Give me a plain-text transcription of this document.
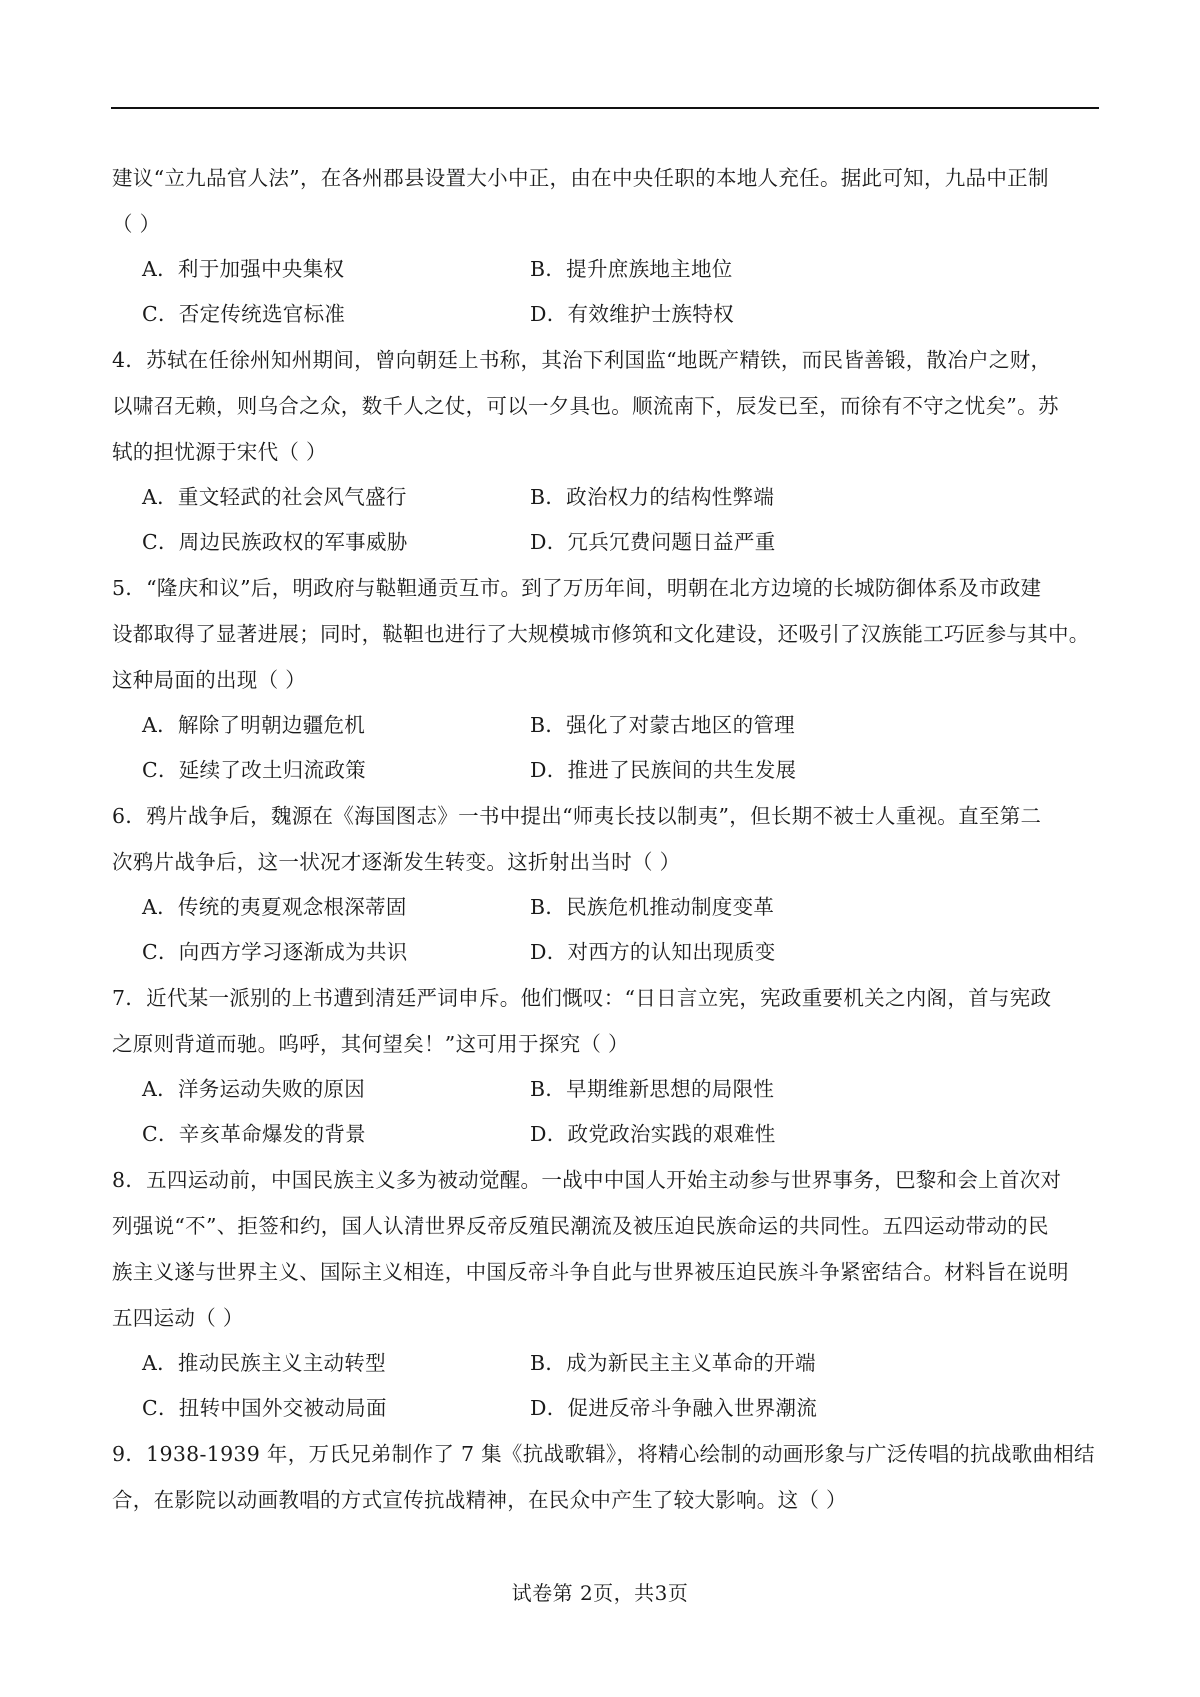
建议“立九品官人法”，在各州郡县设置大小中正，由在中央任职的本地人充任。据此可知，九品中正制
（ ）
A．利于加强中央集权	B．提升庶族地主地位
C．否定传统选官标准	D．有效维护士族特权
4．苏轼在任徐州知州期间，曾向朝廷上书称，其治下利国监“地既产精铁，而民皆善锻，散冶户之财，
以啸召无赖，则乌合之众，数千人之仗，可以一夕具也。顺流南下，辰发已至，而徐有不守之忧矣”。苏
轼的担忧源于宋代（ ）
A．重文轻武的社会风气盛行	B．政治权力的结构性弊端
C．周边民族政权的军事威胁	D．冗兵冗费问题日益严重
5．“隆庆和议”后，明政府与鞑靼通贡互市。到了万历年间，明朝在北方边境的长城防御体系及市政建
设都取得了显著进展；同时，鞑靼也进行了大规模城市修筑和文化建设，还吸引了汉族能工巧匠参与其中。
这种局面的出现（ ）
A．解除了明朝边疆危机	B．强化了对蒙古地区的管理
C．延续了改土归流政策	D．推进了民族间的共生发展
6．鸦片战争后，魏源在《海国图志》一书中提出“师夷长技以制夷”，但长期不被士人重视。直至第二
次鸦片战争后，这一状况才逐渐发生转变。这折射出当时（ ）
A．传统的夷夏观念根深蒂固	B．民族危机推动制度变革
C．向西方学习逐渐成为共识	D．对西方的认知出现质变
7．近代某一派别的上书遭到清廷严词申斥。他们慨叹：“日日言立宪，宪政重要机关之内阁，首与宪政
之原则背道而驰。呜呼，其何望矣！”这可用于探究（ ）
A．洋务运动失败的原因	B．早期维新思想的局限性
C．辛亥革命爆发的背景	D．政党政治实践的艰难性
8．五四运动前，中国民族主义多为被动觉醒。一战中中国人开始主动参与世界事务，巴黎和会上首次对
列强说“不”、拒签和约，国人认清世界反帝反殖民潮流及被压迫民族命运的共同性。五四运动带动的民
族主义遂与世界主义、国际主义相连，中国反帝斗争自此与世界被压迫民族斗争紧密结合。材料旨在说明
五四运动（ ）
A．推动民族主义主动转型	B．成为新民主主义革命的开端
C．扭转中国外交被动局面	D．促进反帝斗争融入世界潮流
9．1938-1939 年，万氏兄弟制作了 7 集《抗战歌辑》，将精心绘制的动画形象与广泛传唱的抗战歌曲相结
合，在影院以动画教唱的方式宣传抗战精神，在民众中产生了较大影响。这（ ）
试卷第 2页，共3页
